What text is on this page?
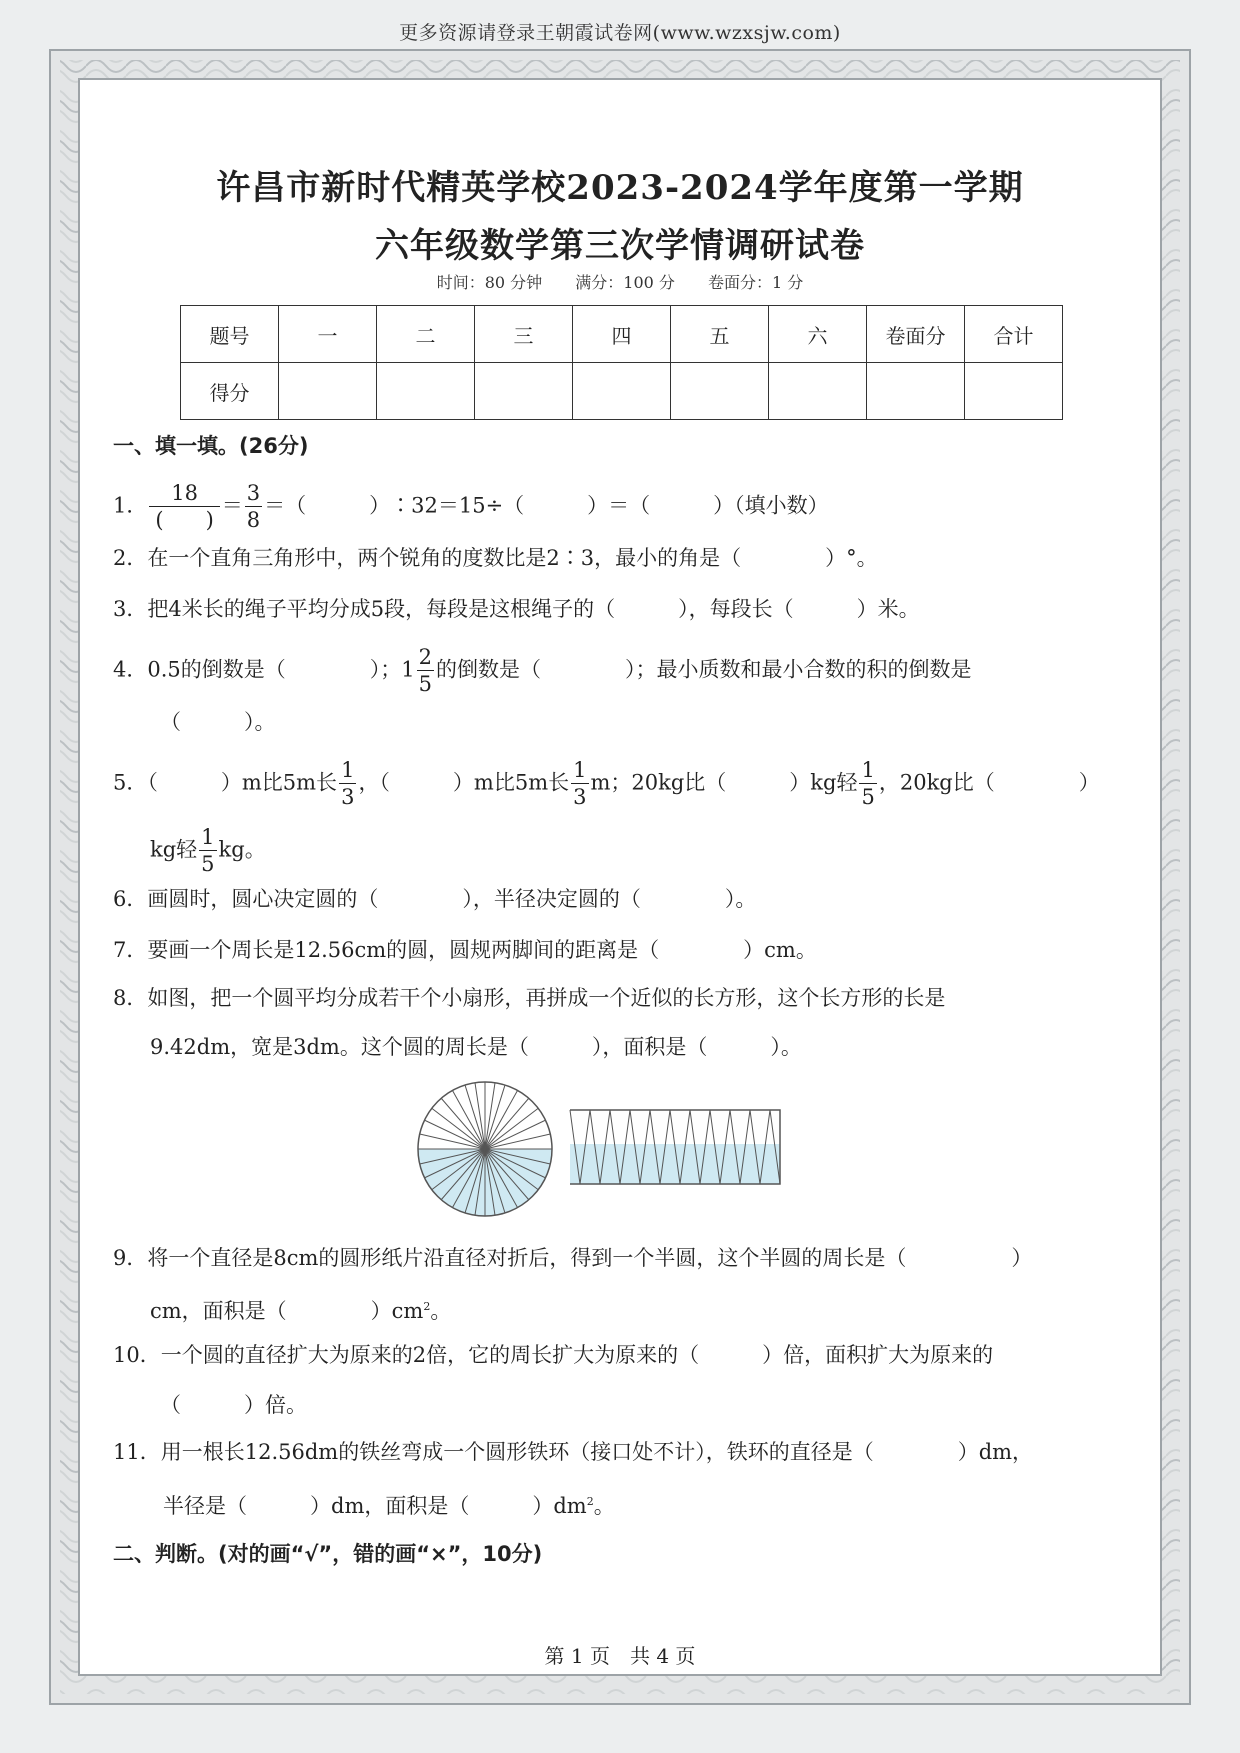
更多资源请登录王朝霞试卷网(www.wzxsjw.com)
许昌市新时代精英学校2023-2024学年度第一学期
六年级数学第三次学情调研试卷
时间：80 分钟 满分：100 分 卷面分：1 分
题号	一	二	三	四	五	六	卷面分	合计
得分								
一、填一填。(26分)
1． $\frac{18}{( )} = \frac{3}{8}$ ＝（　　　）∶32＝15÷（　　　）＝（　　　）（填小数）
2．在一个直角三角形中，两个锐角的度数比是2∶3，最小的角是（　　　　）°。
3．把4米长的绳子平均分成5段，每段是这根绳子的（　　　），每段长（　　　）米。
4．0.5的倒数是（　　　　）；$1 \frac{2}{5}$ 的倒数是（　　　　）；最小质数和最小合数的积的倒数是
（　　　）。
5．（　　　）m比5m长 $\frac{1}{3}$ ，（　　　）m比5m长 $\frac{1}{3}$ m；20kg比（　　　）kg轻 $\frac{1}{5}$ ，20kg比（　　　　）
kg轻 $\frac{1}{5}$ kg。
6．画圆时，圆心决定圆的（　　　　），半径决定圆的（　　　　）。
7．要画一个周长是12.56cm的圆，圆规两脚间的距离是（　　　　）cm。
8．如图，把一个圆平均分成若干个小扇形，再拼成一个近似的长方形，这个长方形的长是
9.42dm，宽是3dm。这个圆的周长是（　　　），面积是（　　　）。
9．将一个直径是8cm的圆形纸片沿直径对折后，得到一个半圆，这个半圆的周长是（　　　　　）
cm，面积是（　　　　）$cm^2$。
10．一个圆的直径扩大为原来的2倍，它的周长扩大为原来的（　　　）倍，面积扩大为原来的
（　　　）倍。
11．用一根长12.56dm的铁丝弯成一个圆形铁环（接口处不计），铁环的直径是（　　　　）dm，
半径是（　　　）dm，面积是（　　　）$dm^2$。
二、判断。(对的画“√”，错的画“×”，10分)
第 1 页　共 4 页
